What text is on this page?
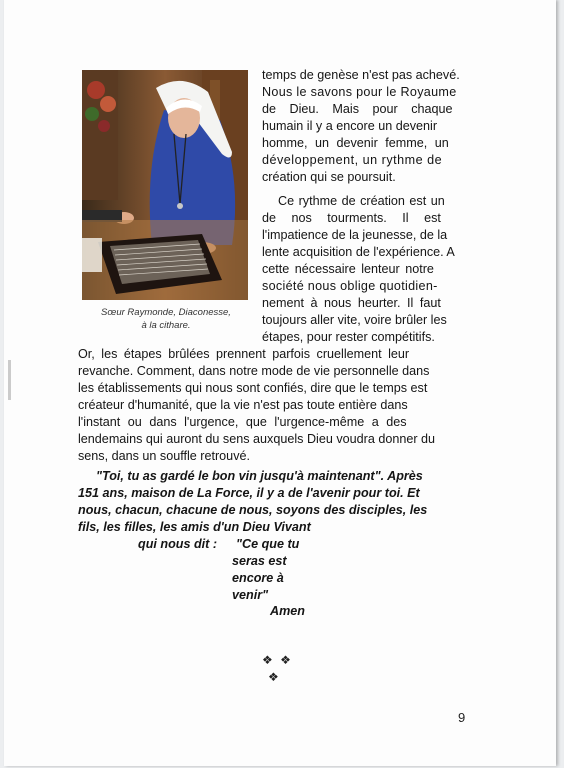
Sœur Raymonde, Diaconesse,
à la cithare.
temps de genèse n'est pas achevé.
Nous le savons pour le Royaume
de Dieu. Mais pour chaque
humain il y a encore un devenir
homme, un devenir femme, un
développement, un rythme de
création qui se poursuit.
Ce rythme de création est un
de nos tourments. Il est
l'impatience de la jeunesse, de la
lente acquisition de l'expérience. A
cette nécessaire lenteur notre
société nous oblige quotidien-
nement à nous heurter. Il faut
toujours aller vite, voire brûler les
étapes, pour rester compétitifs.
Or, les étapes brûlées prennent parfois cruellement leur
revanche. Comment, dans notre mode de vie personnelle dans
les établissements qui nous sont confiés, dire que le temps est
créateur d'humanité, que la vie n'est pas toute entière dans
l'instant ou dans l'urgence, que l'urgence-même a des
lendemains qui auront du sens auxquels Dieu voudra donner du
sens, dans un souffle retrouvé.
"Toi, tu as gardé le bon vin jusqu'à maintenant". Après
151 ans, maison de La Force, il y a de l'avenir pour toi. Et
nous, chacun, chacune de nous, soyons des disciples, les
fils, les filles, les amis d'un Dieu Vivant
qui nous dit : "Ce que tu
seras est
encore à
venir"
Amen
❖ ❖
❖
9
